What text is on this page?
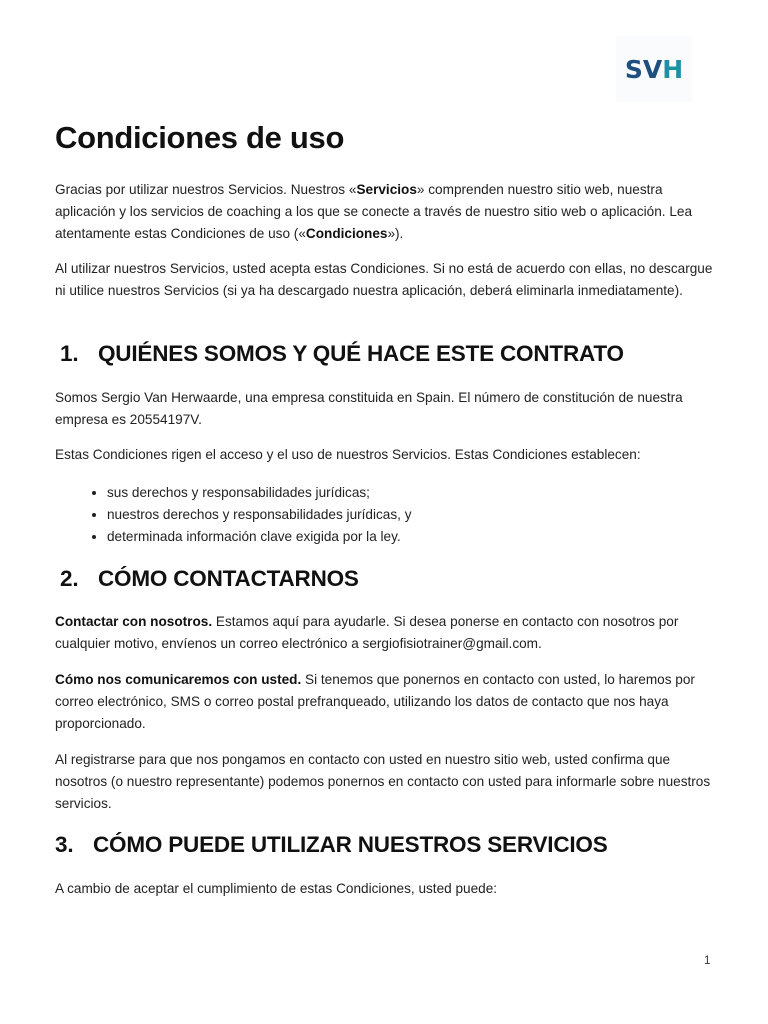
SVH
Condiciones de uso

Gracias por utilizar nuestros Servicios. Nuestros «Servicios» comprenden nuestro sitio web, nuestra aplicación y los servicios de coaching a los que se conecte a través de nuestro sitio web o aplicación. Lea atentamente estas Condiciones de uso («Condiciones»).

Al utilizar nuestros Servicios, usted acepta estas Condiciones. Si no está de acuerdo con ellas, no descargue ni utilice nuestros Servicios (si ya ha descargado nuestra aplicación, deberá eliminarla inmediatamente).

1. QUIÉNES SOMOS Y QUÉ HACE ESTE CONTRATO

Somos Sergio Van Herwaarde, una empresa constituida en Spain. El número de constitución de nuestra empresa es 20554197V.

Estas Condiciones rigen el acceso y el uso de nuestros Servicios. Estas Condiciones establecen:

• sus derechos y responsabilidades jurídicas;
• nuestros derechos y responsabilidades jurídicas, y
• determinada información clave exigida por la ley.
2. CÓMO CONTACTARNOS

Contactar con nosotros. Estamos aquí para ayudarle. Si desea ponerse en contacto con nosotros por cualquier motivo, envíenos un correo electrónico a sergiofisiotrainer@gmail.com.

Cómo nos comunicaremos con usted. Si tenemos que ponernos en contacto con usted, lo haremos por correo electrónico, SMS o correo postal prefranqueado, utilizando los datos de contacto que nos haya proporcionado.

Al registrarse para que nos pongamos en contacto con usted en nuestro sitio web, usted confirma que nosotros (o nuestro representante) podemos ponernos en contacto con usted para informarle sobre nuestros servicios.

3. CÓMO PUEDE UTILIZAR NUESTROS SERVICIOS

A cambio de aceptar el cumplimiento de estas Condiciones, usted puede:

1
